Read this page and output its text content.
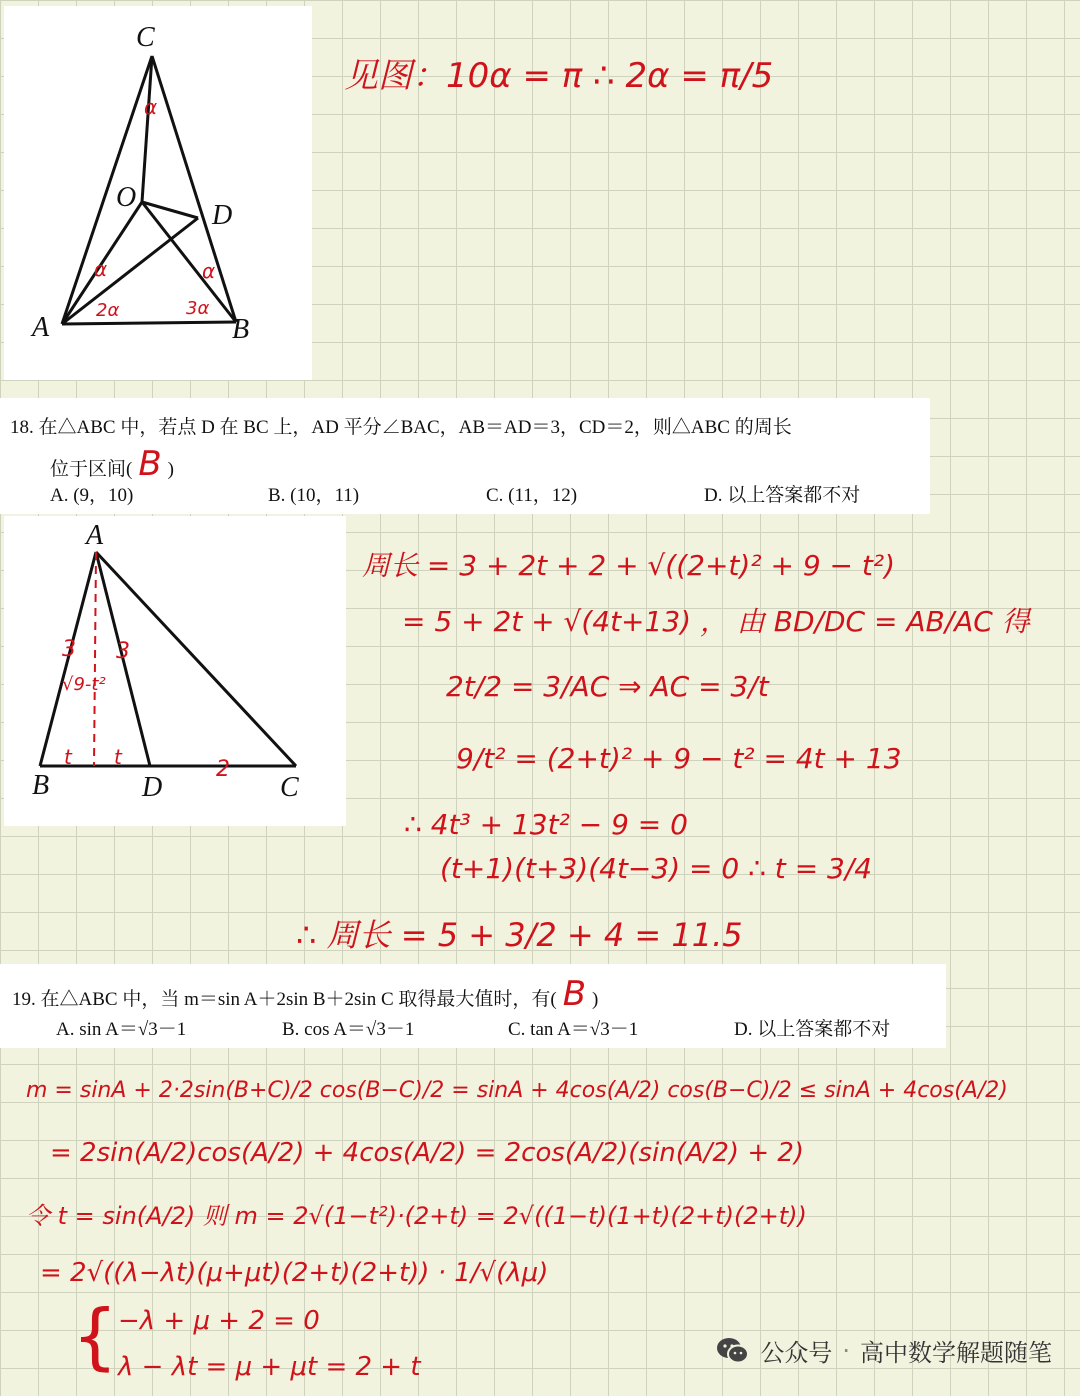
C
O
D
A	B
α
α	α
2α	3α
见图：10α = π ∴ 2α = π/5
18. 在△ABC 中，若点 D 在 BC 上，AD 平分∠BAC，AB＝AD＝3，CD＝2，则△ABC 的周长
位于区间( B )
A. (9，10)	B. (10，11)	C. (11，12)	D. 以上答案都不对
A
B	D	C
3 3
√9-t²
t t	2
周长 = 3 + 2t + 2 + √((2+t)² + 9 − t²)
= 5 + 2t + √(4t+13) ， 由 BD/DC = AB/AC 得
2t/2 = 3/AC ⇒ AC = 3/t
9/t² = (2+t)² + 9 − t² = 4t + 13
∴ 4t³ + 13t² − 9 = 0
(t+1)(t+3)(4t−3) = 0 ∴ t = 3/4
∴ 周长 = 5 + 3/2 + 4 = 11.5
19. 在△ABC 中，当 m＝sin A＋2sin B＋2sin C 取得最大值时，有( B )
A. sin A＝√3－1	B. cos A＝√3－1	C. tan A＝√3－1	D. 以上答案都不对
m = sinA + 2·2sin(B+C)/2 cos(B−C)/2 = sinA + 4cos(A/2) cos(B−C)/2 ≤ sinA + 4cos(A/2)
= 2sin(A/2)cos(A/2) + 4cos(A/2) = 2cos(A/2)(sin(A/2) + 2)
令 t = sin(A/2) 则 m = 2√(1−t²)·(2+t) = 2√((1−t)(1+t)(2+t)(2+t))
= 2√((λ−λt)(μ+μt)(2+t)(2+t)) · 1/√(λμ)
{ −λ + μ + 2 = 0
λ − λt = μ + μt = 2 + t	公众号 · 高中数学解题随笔
